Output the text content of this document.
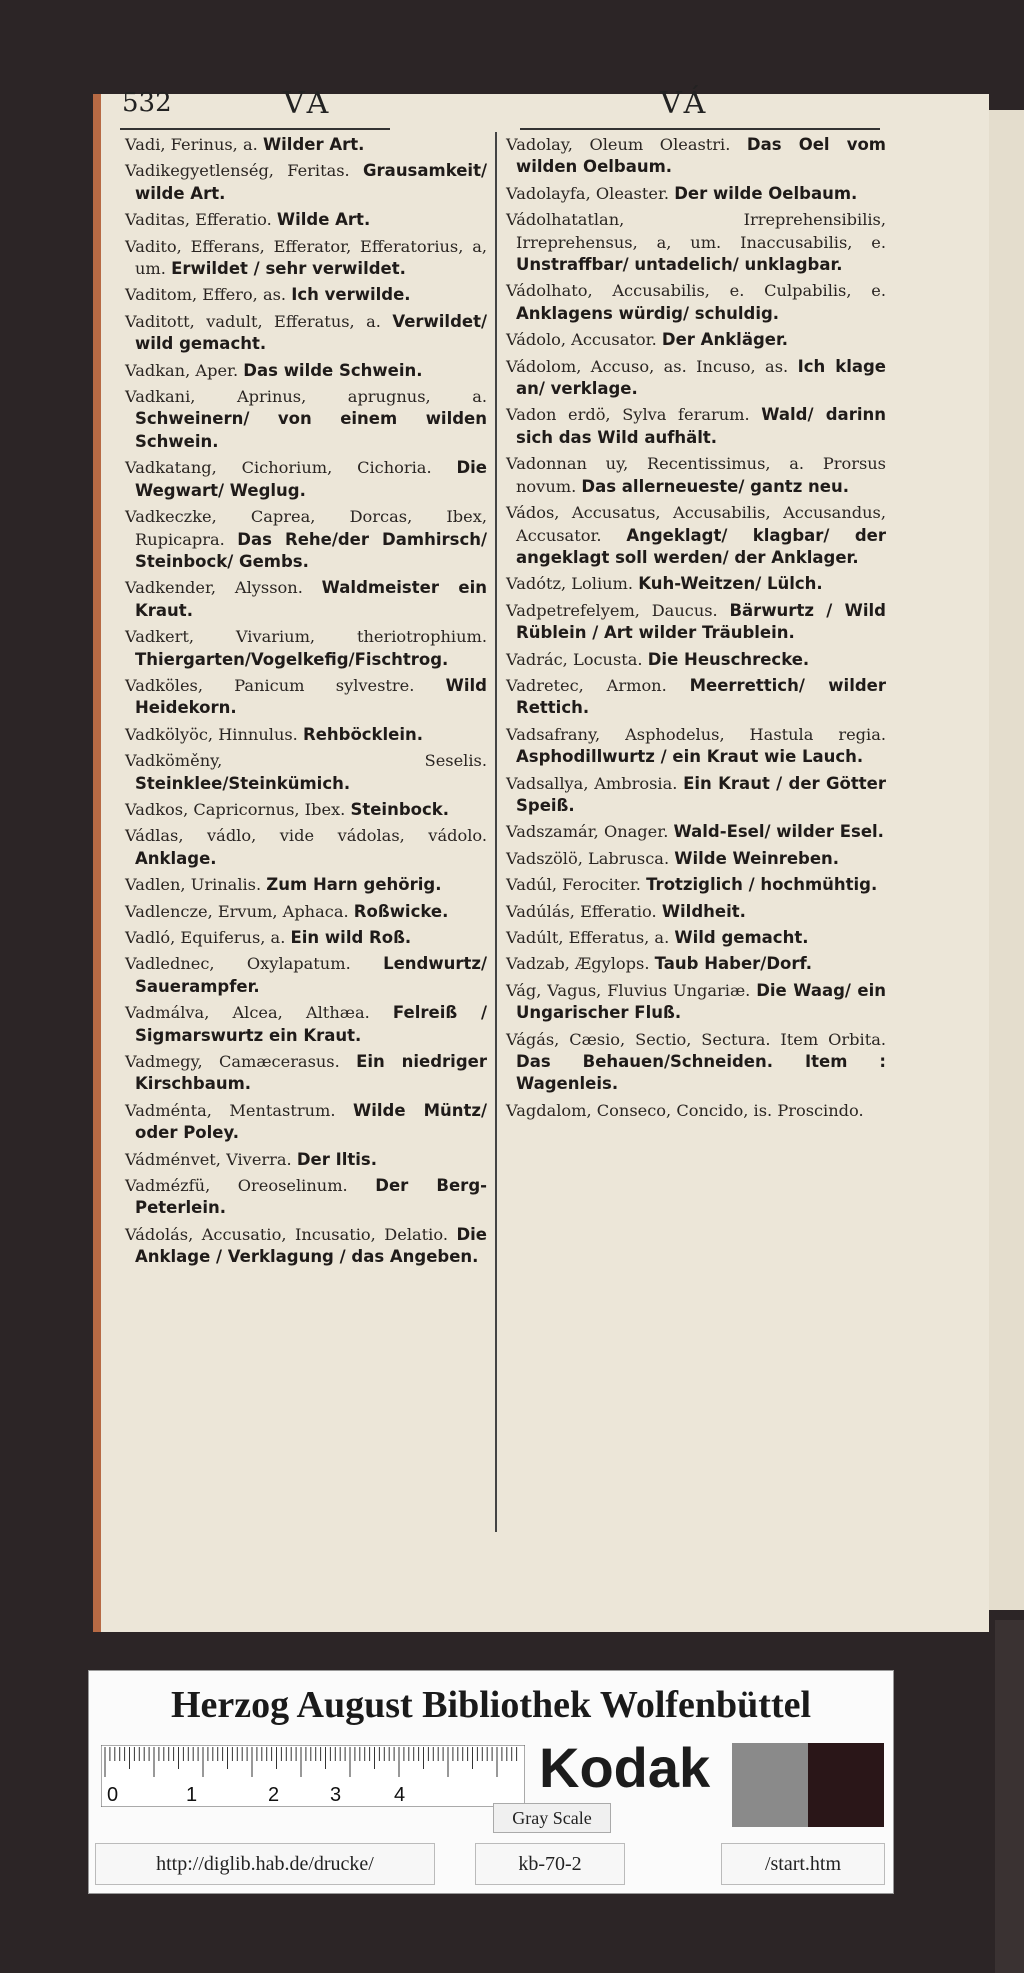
532	VA	VÁ

Vadi, Ferinus, a. Wilder Art.

Vadikegyetlenség, Feritas. Grausamkeit/ wilde Art.

Vaditas, Efferatio. Wilde Art.

Vadito, Efferans, Efferator, Efferatorius, a, um. Erwildet / sehr verwildet.

Vaditom, Effero, as. Ich verwilde.

Vaditott, vadult, Efferatus, a. Verwildet/ wild gemacht.

Vadkan, Aper. Das wilde Schwein.

Vadkani, Aprinus, aprugnus, a. Schweinern/ von einem wilden Schwein.

Vadkatang, Cichorium, Cichoria. Die Wegwart/ Weglug.

Vadkeczke, Caprea, Dorcas, Ibex, Rupicapra. Das Rehe/der Damhirsch/ Steinbock/ Gembs.

Vadkender, Alysson. Waldmeister ein Kraut.

Vadkert, Vivarium, theriotrophium. Thiergarten/Vogelkefig/Fischtrog.

Vadköles, Panicum sylvestre. Wild Heidekorn.

Vadkölyöc, Hinnulus. Rehböcklein.

Vadköměny, Seselis. Steinklee/Steinkümich.

Vadkos, Capricornus, Ibex. Steinbock.

Vádlas, vádlo, vide vádolas, vádolo. Anklage.

Vadlen, Urinalis. Zum Harn gehörig.

Vadlencze, Ervum, Aphaca. Roßwicke.

Vadló, Equiferus, a. Ein wild Roß.

Vadlednec, Oxylapatum. Lendwurtz/ Sauerampfer.

Vadmálva, Alcea, Althæa. Felreiß / Sigmarswurtz ein Kraut.

Vadmegy, Camæcerasus. Ein niedriger Kirschbaum.

Vadménta, Mentastrum. Wilde Müntz/ oder Poley.

Vádménvet, Viverra. Der Iltis.

Vadmézfü, Oreoselinum. Der Berg-Peterlein.

Vádolás, Accusatio, Incusatio, Delatio. Die Anklage / Verklagung / das Angeben.

Vadolay, Oleum Oleastri. Das Oel vom wilden Oelbaum.

Vadolayfa, Oleaster. Der wilde Oelbaum.

Vádolhatatlan, Irreprehensibilis, Irreprehensus, a, um. Inaccusabilis, e. Unstraffbar/ untadelich/ unklagbar.

Vádolhato, Accusabilis, e. Culpabilis, e. Anklagens würdig/ schuldig.

Vádolo, Accusator. Der Ankläger.

Vádolom, Accuso, as. Incuso, as. Ich klage an/ verklage.

Vadon erdö, Sylva ferarum. Wald/ darinn sich das Wild aufhält.

Vadonnan uy, Recentissimus, a. Prorsus novum. Das allerneueste/ gantz neu.

Vádos, Accusatus, Accusabilis, Accusandus, Accusator. Angeklagt/ klagbar/ der angeklagt soll werden/ der Anklager.

Vadótz, Lolium. Kuh-Weitzen/ Lülch.

Vadpetrefelyem, Daucus. Bärwurtz / Wild Rüblein / Art wilder Träublein.

Vadrác, Locusta. Die Heuschrecke.

Vadretec, Armon. Meerrettich/ wilder Rettich.

Vadsafrany, Asphodelus, Hastula regia. Asphodillwurtz / ein Kraut wie Lauch.

Vadsallya, Ambrosia. Ein Kraut / der Götter Speiß.

Vadszamár, Onager. Wald-Esel/ wilder Esel.

Vadszölö, Labrusca. Wilde Weinreben.

Vadúl, Ferociter. Trotziglich / hochmühtig.

Vadúlás, Efferatio. Wildheit.

Vadúlt, Efferatus, a. Wild gemacht.

Vadzab, Ægylops. Taub Haber/Dorf.

Vág, Vagus, Fluvius Ungariæ. Die Waag/ ein Ungarischer Fluß.

Vágás, Cæsio, Sectio, Sectura. Item Orbita. Das Behauen/Schneiden. Item : Wagenleis.

Vagdalom, Conseco, Concido, is. Proscindo.

Herzog August Bibliothek Wolfenbüttel
0	1	2	3	4 Kodak
Gray Scale
http://diglib.hab.de/drucke/	kb-70-2	/start.htm
